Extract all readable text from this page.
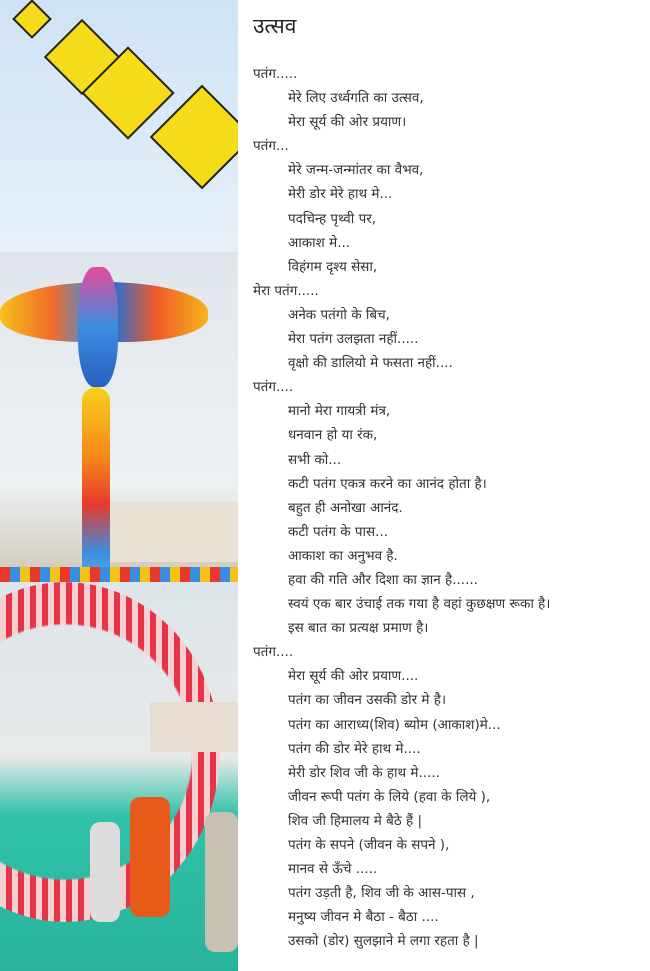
उत्सव
पतंग.....
मेरे लिए उर्ध्वगति का उत्सव,
मेरा सूर्य की ओर प्रयाण।
पतंग...
मेरे जन्म-जन्मांतर का वैभव,
मेरी डोर मेरे हाथ मे...
पदचिन्ह पृथ्वी पर,
आकाश मे...
विहंगम दृश्य सेसा,
मेरा पतंग.....
अनेक पतंगो के बिच,
मेरा पतंग उलझता नहीं.....
वृक्षो की डालियो मे फसता नहीं....
पतंग....
मानो मेरा गायत्री मंत्र,
धनवान हो या रंक,
सभी को...
कटी पतंग एकत्र करने का आनंद होता है।
बहुत ही अनोखा आनंद.
कटी पतंग के पास...
आकाश का अनुभव है.
हवा की गति और दिशा का ज्ञान है......
स्वयं एक बार उंचाई तक गया है वहां कुछक्षण रूका है।
इस बात का प्रत्यक्ष प्रमाण है।
पतंग....
मेरा सूर्य की ओर प्रयाण....
पतंग का जीवन उसकी डोर मे है।
पतंग का आराध्य(शिव) ब्योम (आकाश)मे...
पतंग की डोर मेरे हाथ मे....
मेरी डोर शिव जी के हाथ मे.....
जीवन रूपी पतंग के लिये (हवा के लिये ),
शिव जी हिमालय मे बैठे हैं |
पतंग के सपने (जीवन के सपने ),
मानव से ऊँचे .....
पतंग उड़ती है, शिव जी के आस-पास ,
मनुष्य जीवन मे बैठा - बैठा ....
उसको (डोर) सुलझाने मे लगा रहता है |
